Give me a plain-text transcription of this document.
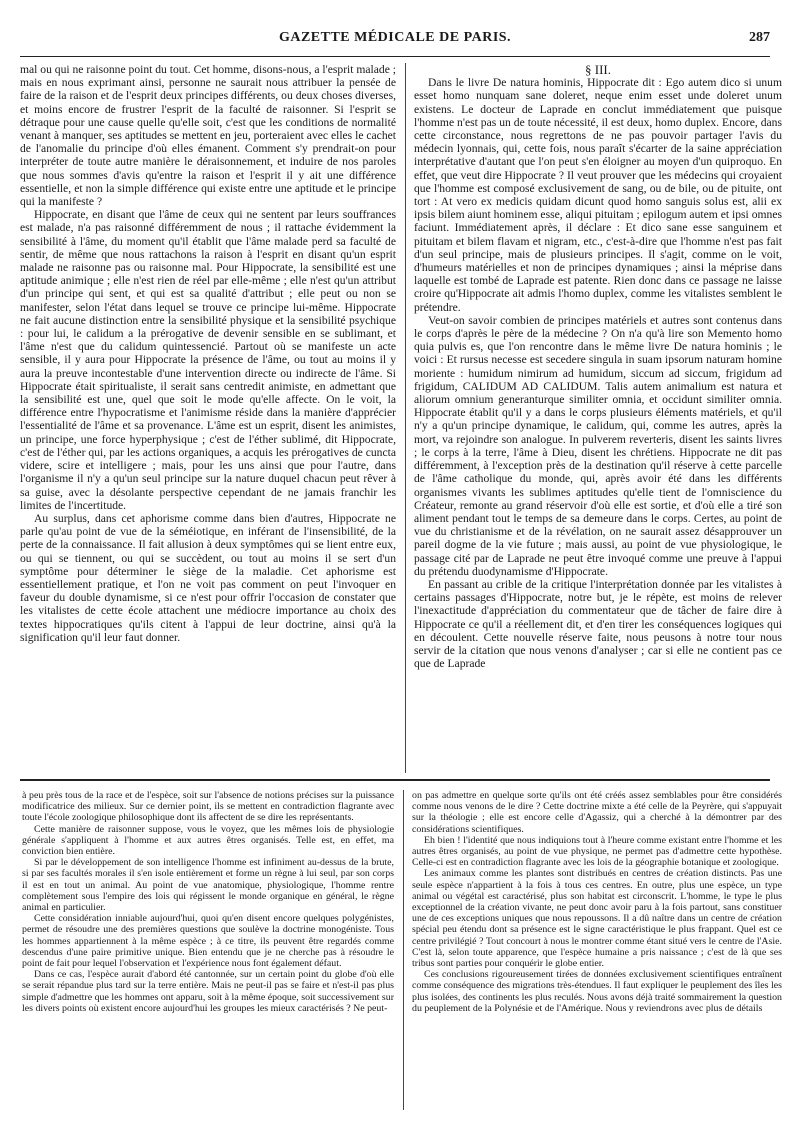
GAZETTE MÉDICALE DE PARIS.	287

mal ou qui ne raisonne point du tout. Cet homme, disons-nous, a l'esprit malade ; mais en nous exprimant ainsi, personne ne saurait nous attribuer la pensée de faire de la raison et de l'esprit deux principes différents, ou deux choses diverses, et moins encore de frustrer l'esprit de la faculté de raisonner. Si l'esprit se détraque pour une cause quelle qu'elle soit, c'est que les conditions de normalité venant à manquer, ses aptitudes se mettent en jeu, porteraient avec elles le cachet de l'anomalie du principe d'où elles émanent. Comment s'y prendrait-on pour interpréter de toute autre manière le déraisonnement, et induire de nos paroles que nous sommes d'avis qu'entre la raison et l'esprit il y ait une différence essentielle, et non la simple différence qui existe entre une aptitude et le principe qui la manifeste ?

Hippocrate, en disant que l'âme de ceux qui ne sentent par leurs souffrances est malade, n'a pas raisonné différemment de nous ; il rattache évidemment la sensibilité à l'âme, du moment qu'il établit que l'âme malade perd sa faculté de sentir, de même que nous rattachons la raison à l'esprit en disant qu'un esprit malade ne raisonne pas ou raisonne mal. Pour Hippocrate, la sensibilité est une aptitude animique ; elle n'est rien de réel par elle-même ; elle n'est qu'un attribut d'un principe qui sent, et qui est sa qualité d'attribut ; elle peut ou non se manifester, selon l'état dans lequel se trouve ce principe lui-même. Hippocrate ne fait aucune distinction entre la sensibilité physique et la sensibilité psychique : pour lui, le calidum a la prérogative de devenir sensible en se sublimant, et l'âme n'est que du calidum quintessencié. Partout où se manifeste un acte sensible, il y aura pour Hippocrate la présence de l'âme, ou tout au moins il y aura la preuve incontestable d'une intervention directe ou indirecte de l'âme. Si Hippocrate était spiritualiste, il serait sans centredit animiste, en admettant que la sensibilité est une, quel que soit le mode qu'elle affecte. On le voit, la différence entre l'hypocratisme et l'animisme réside dans la manière d'apprécier l'essentialité de l'âme et sa provenance. L'âme est un esprit, disent les animistes, un principe, une force hyperphysique ; c'est de l'éther sublimé, dit Hippocrate, c'est de l'éther qui, par les actions organiques, a acquis les prérogatives de cuncta videre, scire et intelligere ; mais, pour les uns ainsi que pour l'autre, dans l'organisme il n'y a qu'un seul principe sur la nature duquel chacun peut rêver à sa guise, avec la désolante perspective cependant de ne jamais franchir les limites de l'incertitude.

Au surplus, dans cet aphorisme comme dans bien d'autres, Hippocrate ne parle qu'au point de vue de la séméiotique, en inférant de l'insensibilité, de la perte de la connaissance. Il fait allusion à deux symptômes qui se lient entre eux, ou qui se tiennent, ou qui se succèdent, ou tout au moins il se sert d'un symptôme pour déterminer le siège de la maladie. Cet aphorisme est essentiellement pratique, et l'on ne voit pas comment on peut l'invoquer en faveur du double dynamisme, si ce n'est pour offrir l'occasion de constater que les vitalistes de cette école attachent une médiocre importance au choix des textes hippocratiques qu'ils citent à l'appui de leur doctrine, ainsi qu'à la signification qu'il leur faut donner.

§ III.

Dans le livre De natura hominis, Hippocrate dit : Ego autem dico si unum esset homo nunquam sane doleret, neque enim esset unde doleret unum existens. Le docteur de Laprade en conclut immédiatement que puisque l'homme n'est pas un de toute nécessité, il est deux, homo duplex. Encore, dans cette circonstance, nous regrettons de ne pas pouvoir partager l'avis du médecin lyonnais, qui, cette fois, nous paraît s'écarter de la saine appréciation interprétative d'autant que l'on peut s'en éloigner au moyen d'un quiproquo. En effet, que veut dire Hippocrate ? Il veut prouver que les médecins qui croyaient que l'homme est composé exclusivement de sang, ou de bile, ou de pituite, ont tort : At vero ex medicis quidam dicunt quod homo sanguis solus est, alii ex ipsis bilem aiunt hominem esse, aliqui pituitam ; epilogum autem et ipsi omnes faciunt. Immédiatement après, il déclare : Et dico sane esse sanguinem et pituitam et bilem flavam et nigram, etc., c'est-à-dire que l'homme n'est pas fait d'un seul principe, mais de plusieurs principes. Il s'agit, comme on le voit, d'humeurs matérielles et non de principes dynamiques ; ainsi la méprise dans laquelle est tombé de Laprade est patente. Rien donc dans ce passage ne laisse croire qu'Hippocrate ait admis l'homo duplex, comme les vitalistes semblent le prétendre.

Veut-on savoir combien de principes matériels et autres sont contenus dans le corps d'après le père de la médecine ? On n'a qu'à lire son Memento homo quia pulvis es, que l'on rencontre dans le même livre De natura hominis ; le voici : Et rursus necesse est secedere singula in suam ipsorum naturam homine moriente : humidum nimirum ad humidum, siccum ad siccum, frigidum ad frigidum, CALIDUM AD CALIDUM. Talis autem animalium est natura et aliorum omnium generanturque similiter omnia, et occidunt similiter omnia. Hippocrate établit qu'il y a dans le corps plusieurs éléments matériels, et qu'il n'y a qu'un principe dynamique, le calidum, qui, comme les autres, après la mort, va rejoindre son analogue. In pulverem reverteris, disent les saints livres ; le corps à la terre, l'âme à Dieu, disent les chrétiens. Hippocrate ne dit pas différemment, à l'exception près de la destination qu'il réserve à cette parcelle de l'âme catholique du monde, qui, après avoir été dans les différents organismes vivants les sublimes aptitudes qu'elle tient de l'omniscience du Créateur, remonte au grand réservoir d'où elle est sortie, et d'où elle a tiré son aliment pendant tout le temps de sa demeure dans le corps. Certes, au point de vue du christianisme et de la révélation, on ne saurait assez désapprouver un pareil dogme de la vie future ; mais aussi, au point de vue physiologique, le passage cité par de Laprade ne peut être invoqué comme une preuve à l'appui du prétendu duodynamisme d'Hippocrate.

En passant au crible de la critique l'interprétation donnée par les vitalistes à certains passages d'Hippocrate, notre but, je le répète, est moins de relever l'inexactitude d'appréciation du commentateur que de tâcher de faire dire à Hippocrate ce qu'il a réellement dit, et d'en tirer les conséquences logiques qui en découlent. Cette nouvelle réserve faite, nous peusons à notre tour nous servir de la citation que nous venons d'analyser ; car si elle ne contient pas ce que de Laprade

à peu près tous de la race et de l'espèce, soit sur l'absence de notions précises sur la puissance modificatrice des milieux. Sur ce dernier point, ils se mettent en contradiction flagrante avec toute l'école zoologique philosophique dont ils affectent de se dire les représentants.

Cette manière de raisonner suppose, vous le voyez, que les mêmes lois de physiologie générale s'appliquent à l'homme et aux autres êtres organisés. Telle est, en effet, ma conviction bien entière.

Si par le développement de son intelligence l'homme est infiniment au-dessus de la brute, si par ses facultés morales il s'en isole entièrement et forme un règne à lui seul, par son corps il est en tout un animal. Au point de vue anatomique, physiologique, l'homme rentre complètement sous l'empire des lois qui régissent le monde organique en général, le règne animal en particulier.

Cette considération inniable aujourd'hui, quoi qu'en disent encore quelques polygénistes, permet de résoudre une des premières questions que soulève la doctrine monogéniste. Tous les hommes appartiennent à la même espèce ; à ce titre, ils peuvent être regardés comme descendus d'une paire primitive unique. Bien entendu que je ne cherche pas à résoudre le point de fait pour lequel l'observation et l'expérience nous font également défaut.

Dans ce cas, l'espèce aurait d'abord été cantonnée, sur un certain point du globe d'où elle se serait répandue plus tard sur la terre entière. Mais ne peut-il pas se faire et n'est-il pas plus simple d'admettre que les hommes ont apparu, soit à la même époque, soit successivement sur les divers points où existent encore aujourd'hui les groupes les mieux caractérisés ? Ne peut-

on pas admettre en quelque sorte qu'ils ont été créés assez semblables pour être considérés comme nous venons de le dire ? Cette doctrine mixte a été celle de la Peyrère, qui s'appuyait sur la théologie ; elle est encore celle d'Agassiz, qui a cherché à la démontrer par des considérations scientifiques.

Eh bien ! l'identité que nous indiquions tout à l'heure comme existant entre l'homme et les autres êtres organisés, au point de vue physique, ne permet pas d'admettre cette hypothèse. Celle-ci est en contradiction flagrante avec les lois de la géographie botanique et zoologique.

Les animaux comme les plantes sont distribués en centres de création distincts. Pas une seule espèce n'appartient à la fois à tous ces centres. En outre, plus une espèce, un type animal ou végétal est caractérisé, plus son habitat est circonscrit. L'homme, le type le plus exceptionnel de la création vivante, ne peut donc avoir paru à la fois partout, sans constituer une de ces exceptions uniques que nous repoussons. Il a dû naître dans un centre de création spécial peu étendu dont sa présence est le signe caractéristique le plus frappant. Quel est ce centre privilégié ? Tout concourt à nous le montrer comme étant situé vers le centre de l'Asie. C'est là, selon toute apparence, que l'espèce humaine a pris naissance ; c'est de là que ses tribus sont parties pour conquérir le globe entier.

Ces conclusions rigoureusement tirées de données exclusivement scientifiques entraînent comme conséquence des migrations très-étendues. Il faut expliquer le peuplement des îles les plus isolées, des continents les plus reculés. Nous avons déjà traité sommairement la question du peuplement de la Polynésie et de l'Amérique. Nous y reviendrons avec plus de détails
